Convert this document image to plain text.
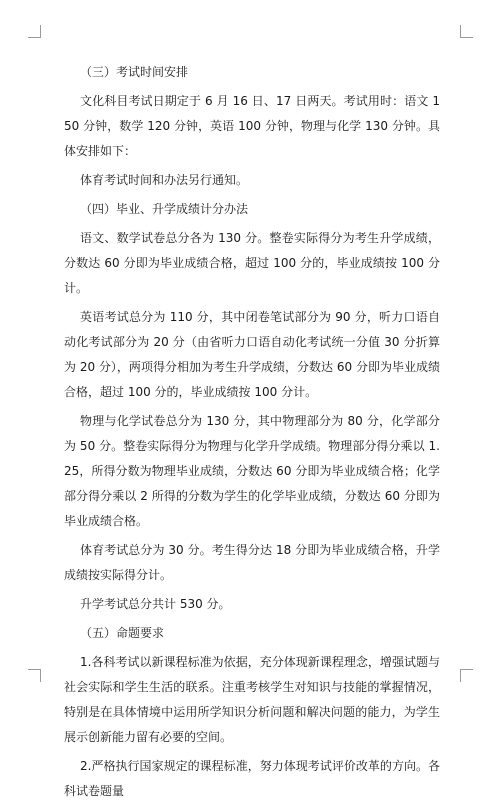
（三）考试时间安排

文化科目考试日期定于 6 月 16 日、17 日两天。考试用时：语文 150 分钟，数学 120 分钟，英语 100 分钟，物理与化学 130 分钟。具体安排如下：

体育考试时间和办法另行通知。

（四）毕业、升学成绩计分办法

语文、数学试卷总分各为 130 分。整卷实际得分为考生升学成绩，分数达 60 分即为毕业成绩合格，超过 100 分的，毕业成绩按 100 分计。

英语考试总分为 110 分，其中闭卷笔试部分为 90 分，听力口语自动化考试部分为 20 分（由省听力口语自动化考试统一分值 30 分折算为 20 分），两项得分相加为考生升学成绩，分数达 60 分即为毕业成绩合格，超过 100 分的，毕业成绩按 100 分计。

物理与化学试卷总分为 130 分，其中物理部分为 80 分，化学部分为 50 分。整卷实际得分为物理与化学升学成绩。物理部分得分乘以 1.25，所得分数为物理毕业成绩，分数达 60 分即为毕业成绩合格；化学部分得分乘以 2 所得的分数为学生的化学毕业成绩，分数达 60 分即为毕业成绩合格。

体育考试总分为 30 分。考生得分达 18 分即为毕业成绩合格，升学成绩按实际得分计。

升学考试总分共计 530 分。

（五）命题要求

1.各科考试以新课程标准为依据，充分体现新课程理念，增强试题与社会实际和学生生活的联系。注重考核学生对知识与技能的掌握情况，特别是在具体情境中运用所学知识分析问题和解决问题的能力，为学生展示创新能力留有必要的空间。

2.严格执行国家规定的课程标准，努力体现考试评价改革的方向。各科试卷题量
